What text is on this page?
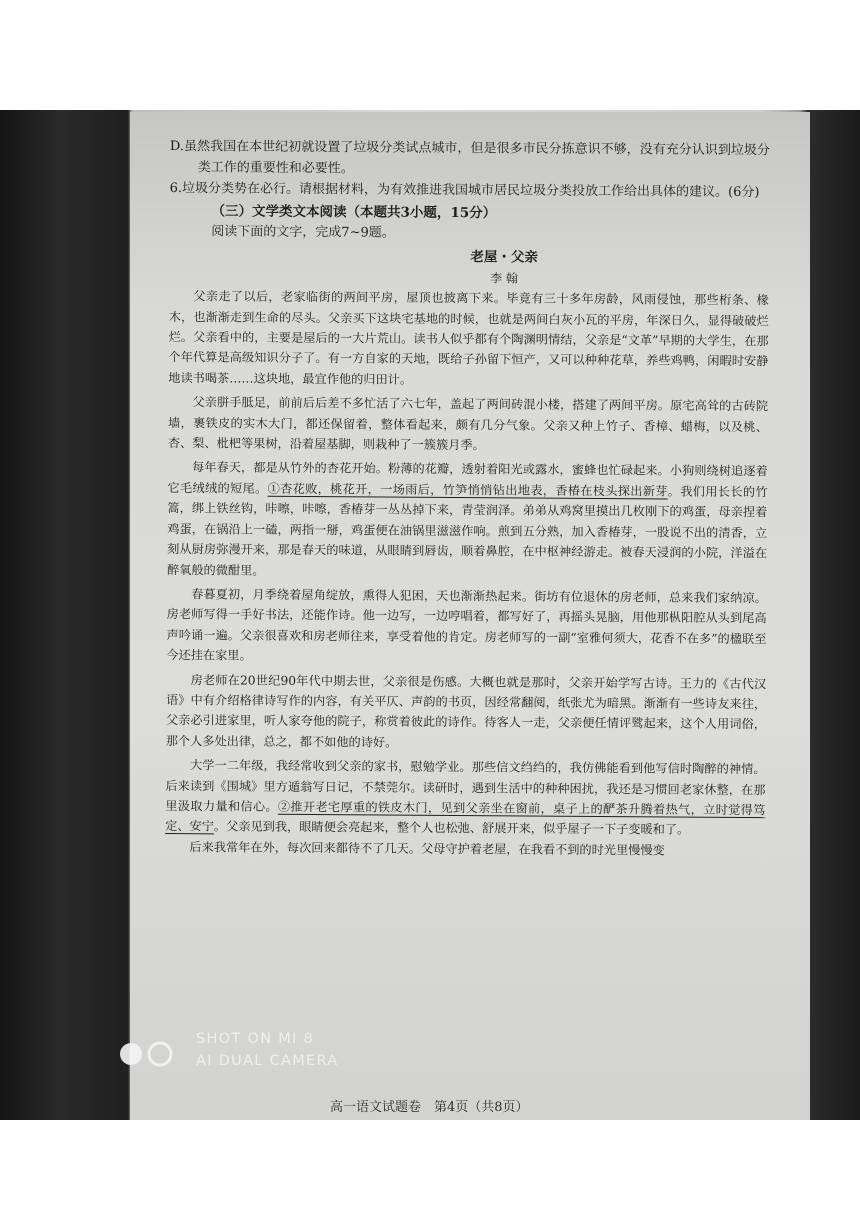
D.虽然我国在本世纪初就设置了垃圾分类试点城市，但是很多市民分拣意识不够，没有充分认识到垃圾分类工作的重要性和必要性。

6.垃圾分类势在必行。请根据材料，为有效推进我国城市居民垃圾分类投放工作给出具体的建议。(6分)

（三）文学类文本阅读（本题共3小题，15分）

阅读下面的文字，完成7~9题。

老屋・父亲

李 翰

父亲走了以后，老家临街的两间平房，屋顶也披离下来。毕竟有三十多年房龄，风雨侵蚀，那些桁条、椽木，也渐渐走到生命的尽头。父亲买下这块宅基地的时候，也就是两间白灰小瓦的平房，年深日久，显得破破烂烂。父亲看中的，主要是屋后的一大片荒山。读书人似乎都有个陶渊明情结，父亲是“文革”早期的大学生，在那个年代算是高级知识分子了。有一方自家的天地，既给子孙留下恒产，又可以种种花草，养些鸡鸭，闲暇时安静地读书喝茶……这块地，最宜作他的归田计。

父亲胼手胝足，前前后后差不多忙活了六七年，盖起了两间砖混小楼，搭建了两间平房。原宅高耸的古砖院墙，裹铁皮的实木大门，都还保留着，整体看起来，颇有几分气象。父亲又种上竹子、香樟、蜡梅，以及桃、杏、梨、枇杷等果树，沿着屋基脚，则栽种了一簇簇月季。

每年春天，都是从竹外的杏花开始。粉薄的花瓣，透射着阳光或露水，蜜蜂也忙碌起来。小狗则绕树追逐着它毛绒绒的短尾。①杏花败，桃花开，一场雨后，竹笋悄悄钻出地表，香椿在枝头探出新芽。我们用长长的竹篙，绑上铁丝钩，咔嚓，咔嚓，香椿芽一丛丛掉下来，青莹润泽。弟弟从鸡窝里摸出几枚刚下的鸡蛋，母亲捏着鸡蛋，在锅沿上一磕，两指一掰，鸡蛋便在油锅里滋滋作响。煎到五分熟，加入香椿芽，一股说不出的清香，立刻从厨房弥漫开来，那是春天的味道，从眼睛到唇齿，顺着鼻腔，在中枢神经游走。被春天浸润的小院，洋溢在醉氧般的微酣里。

春暮夏初，月季绕着屋角绽放，熏得人犯困，天也渐渐热起来。街坊有位退休的房老师，总来我们家纳凉。房老师写得一手好书法，还能作诗。他一边写，一边哼唱着，都写好了，再摇头晃脑，用他那枞阳腔从头到尾高声吟诵一遍。父亲很喜欢和房老师往来，享受着他的肯定。房老师写的一副“室雅何须大，花香不在多”的楹联至今还挂在家里。

房老师在20世纪90年代中期去世，父亲很是伤感。大概也就是那时，父亲开始学写古诗。王力的《古代汉语》中有介绍格律诗写作的内容，有关平仄、声韵的书页，因经常翻阅，纸张尤为暗黑。渐渐有一些诗友来往，父亲必引进家里，听人家夸他的院子，称赏着彼此的诗作。待客人一走，父亲便任情评骘起来，这个人用词俗，那个人多处出律，总之，都不如他的诗好。

大学一二年级，我经常收到父亲的家书，慰勉学业。那些信文绉绉的，我仿佛能看到他写信时陶醉的神情。后来读到《围城》里方遁翁写日记，不禁莞尔。读研时，遇到生活中的种种困扰，我还是习惯回老家休整，在那里汲取力量和信心。②推开老宅厚重的铁皮木门，见到父亲坐在窗前，桌子上的酽茶升腾着热气，立时觉得笃定、安宁。父亲见到我，眼睛便会亮起来，整个人也松弛、舒展开来，似乎屋子一下子变暖和了。

后来我常年在外，每次回来都待不了几天。父母守护着老屋，在我看不到的时光里慢慢变

SHOT ON MI 8
AI DUAL CAMERA
高一语文试题卷　第4页（共8页）
